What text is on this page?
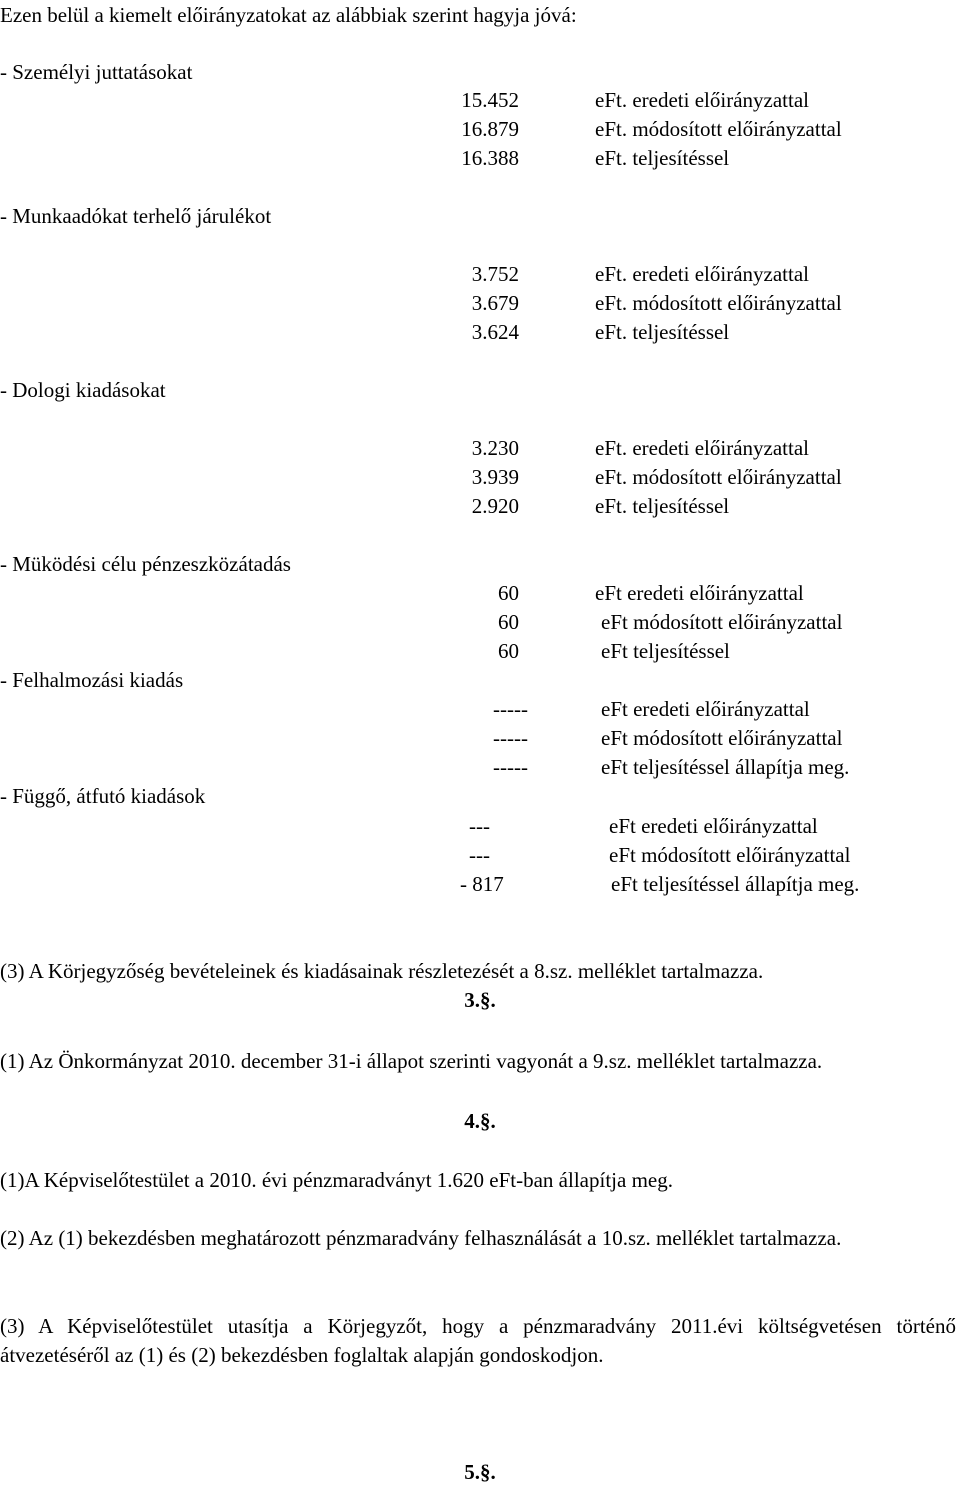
Ezen belül a kiemelt előirányzatokat az alábbiak szerint hagyja jóvá:
- Személyi juttatásokat
15.452	eFt. eredeti előirányzattal
16.879	eFt. módosított előirányzattal
16.388	eFt. teljesítéssel
- Munkaadókat terhelő járulékot
3.752	eFt. eredeti előirányzattal
3.679	eFt. módosított előirányzattal
3.624	eFt. teljesítéssel
- Dologi kiadásokat
3.230	eFt. eredeti előirányzattal
3.939	eFt. módosított előirányzattal
2.920	eFt. teljesítéssel
- Müködési célu pénzeszközátadás
60	eFt eredeti előirányzattal
60	eFt módosított előirányzattal
60	eFt teljesítéssel
- Felhalmozási kiadás
-----	eFt eredeti előirányzattal
-----	eFt módosított előirányzattal
-----	eFt teljesítéssel állapítja meg.
- Függő, átfutó kiadások
---	eFt eredeti előirányzattal
---	eFt módosított előirányzattal
- 817	eFt teljesítéssel állapítja meg.
(3) A Körjegyzőség bevételeinek és kiadásainak részletezését a 8.sz. melléklet tartalmazza.
3.§.
(1) Az Önkormányzat 2010. december 31-i állapot szerinti vagyonát a 9.sz. melléklet tartalmazza.
4.§.
(1)A Képviselőtestület a 2010. évi pénzmaradványt 1.620 eFt-ban állapítja meg.
(2) Az (1) bekezdésben meghatározott pénzmaradvány felhasználását a 10.sz. melléklet tartalmazza.
(3) A Képviselőtestület utasítja a Körjegyzőt, hogy a pénzmaradvány 2011.évi költségvetésen történő átvezetéséről az (1) és (2) bekezdésben foglaltak alapján gondoskodjon.
5.§.
